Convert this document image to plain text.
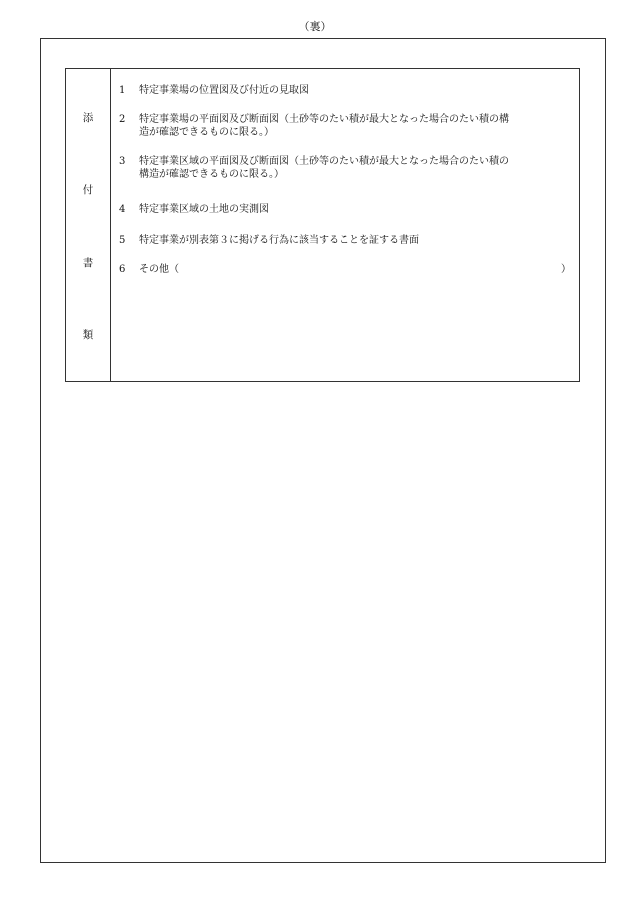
（裏）
添
付
書
類
1	特定事業場の位置図及び付近の見取図
2	特定事業場の平面図及び断面図（土砂等のたい積が最大となった場合のたい積の構
造が確認できるものに限る。）
3	特定事業区域の平面図及び断面図（土砂等のたい積が最大となった場合のたい積の
構造が確認できるものに限る。）
4	特定事業区域の土地の実測図
5	特定事業が別表第３に掲げる行為に該当することを証する書面
6	その他（	）
